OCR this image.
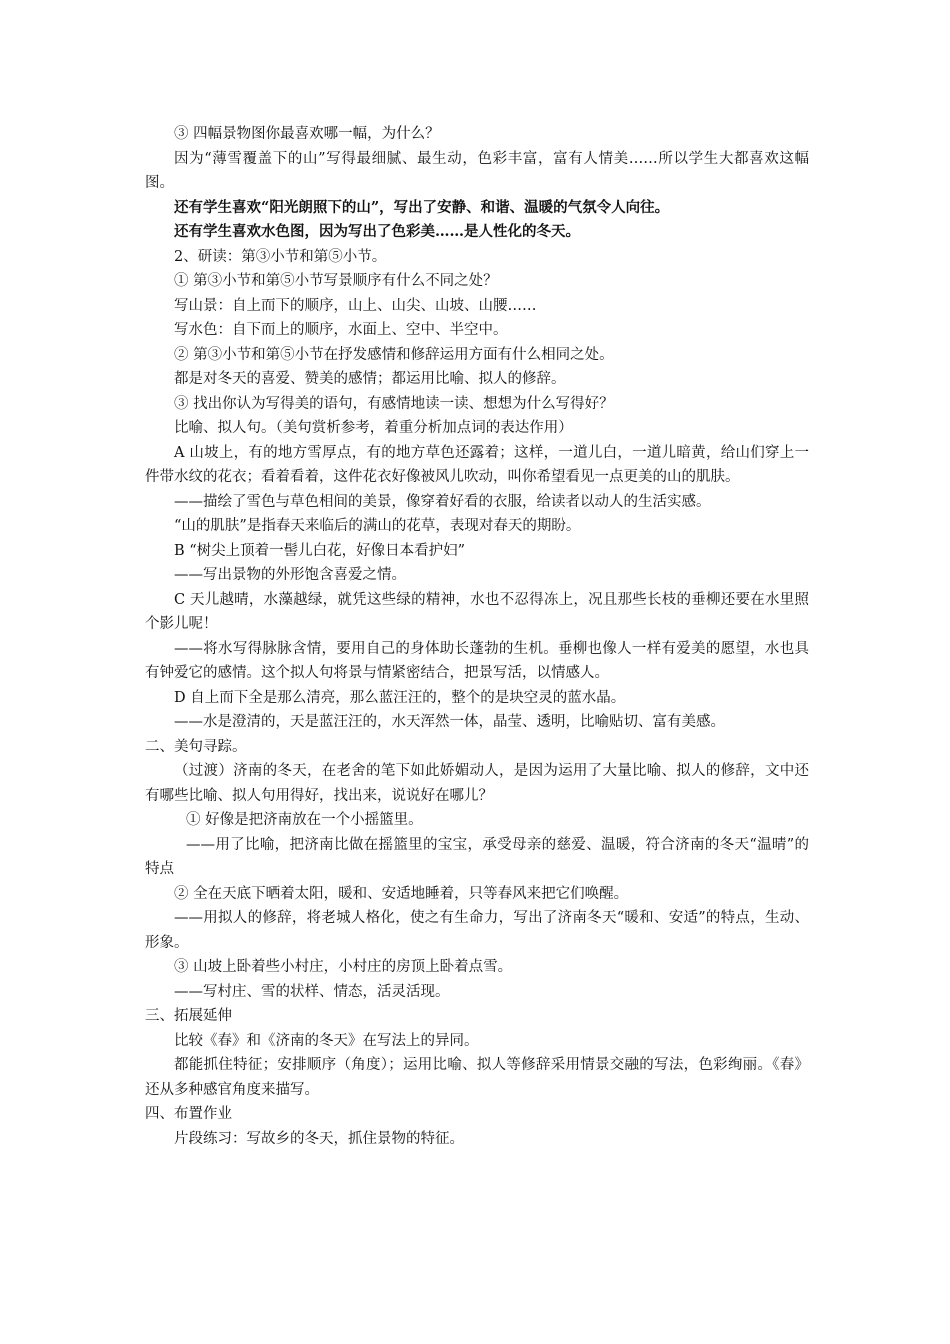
③ 四幅景物图你最喜欢哪一幅，为什么？

因为“薄雪覆盖下的山”写得最细腻、最生动，色彩丰富，富有人情美……所以学生大都喜欢这幅图。

还有学生喜欢“阳光朗照下的山”，写出了安静、和谐、温暖的气氛令人向往。

还有学生喜欢水色图，因为写出了色彩美……是人性化的冬天。

2、研读：第③小节和第⑤小节。

① 第③小节和第⑤小节写景顺序有什么不同之处？

写山景：自上而下的顺序，山上、山尖、山坡、山腰……

写水色：自下而上的顺序，水面上、空中、半空中。

② 第③小节和第⑤小节在抒发感情和修辞运用方面有什么相同之处。

都是对冬天的喜爱、赞美的感情；都运用比喻、拟人的修辞。

③ 找出你认为写得美的语句，有感情地读一读、想想为什么写得好？

比喻、拟人句。（美句赏析参考，着重分析加点词的表达作用）

A 山坡上，有的地方雪厚点，有的地方草色还露着；这样，一道儿白，一道儿暗黄，给山们穿上一件带水纹的花衣；看着看着，这件花衣好像被风儿吹动，叫你希望看见一点更美的山的肌肤。

——描绘了雪色与草色相间的美景，像穿着好看的衣服，给读者以动人的生活实感。

“山的肌肤”是指春天来临后的满山的花草，表现对春天的期盼。

B “树尖上顶着一髻儿白花，好像日本看护妇”

——写出景物的外形饱含喜爱之情。

C 天儿越晴，水藻越绿，就凭这些绿的精神，水也不忍得冻上，况且那些长枝的垂柳还要在水里照个影儿呢！

——将水写得脉脉含情，要用自己的身体助长蓬勃的生机。垂柳也像人一样有爱美的愿望，水也具有钟爱它的感情。这个拟人句将景与情紧密结合，把景写活，以情感人。

D 自上而下全是那么清亮，那么蓝汪汪的，整个的是块空灵的蓝水晶。

——水是澄清的，天是蓝汪汪的，水天浑然一体，晶莹、透明，比喻贴切、富有美感。

二、美句寻踪。

（过渡）济南的冬天，在老舍的笔下如此娇媚动人，是因为运用了大量比喻、拟人的修辞，文中还有哪些比喻、拟人句用得好，找出来，说说好在哪儿？

① 好像是把济南放在一个小摇篮里。

——用了比喻，把济南比做在摇篮里的宝宝，承受母亲的慈爱、温暖，符合济南的冬天“温晴”的特点

② 全在天底下晒着太阳，暖和、安适地睡着，只等春风来把它们唤醒。

——用拟人的修辞，将老城人格化，使之有生命力，写出了济南冬天“暖和、安适”的特点，生动、形象。

③ 山坡上卧着些小村庄，小村庄的房顶上卧着点雪。

——写村庄、雪的状样、情态，活灵活现。

三、拓展延伸

比较《春》和《济南的冬天》在写法上的异同。

都能抓住特征；安排顺序（角度）；运用比喻、拟人等修辞采用情景交融的写法，色彩绚丽。《春》还从多种感官角度来描写。

四、布置作业

片段练习：写故乡的冬天，抓住景物的特征。
